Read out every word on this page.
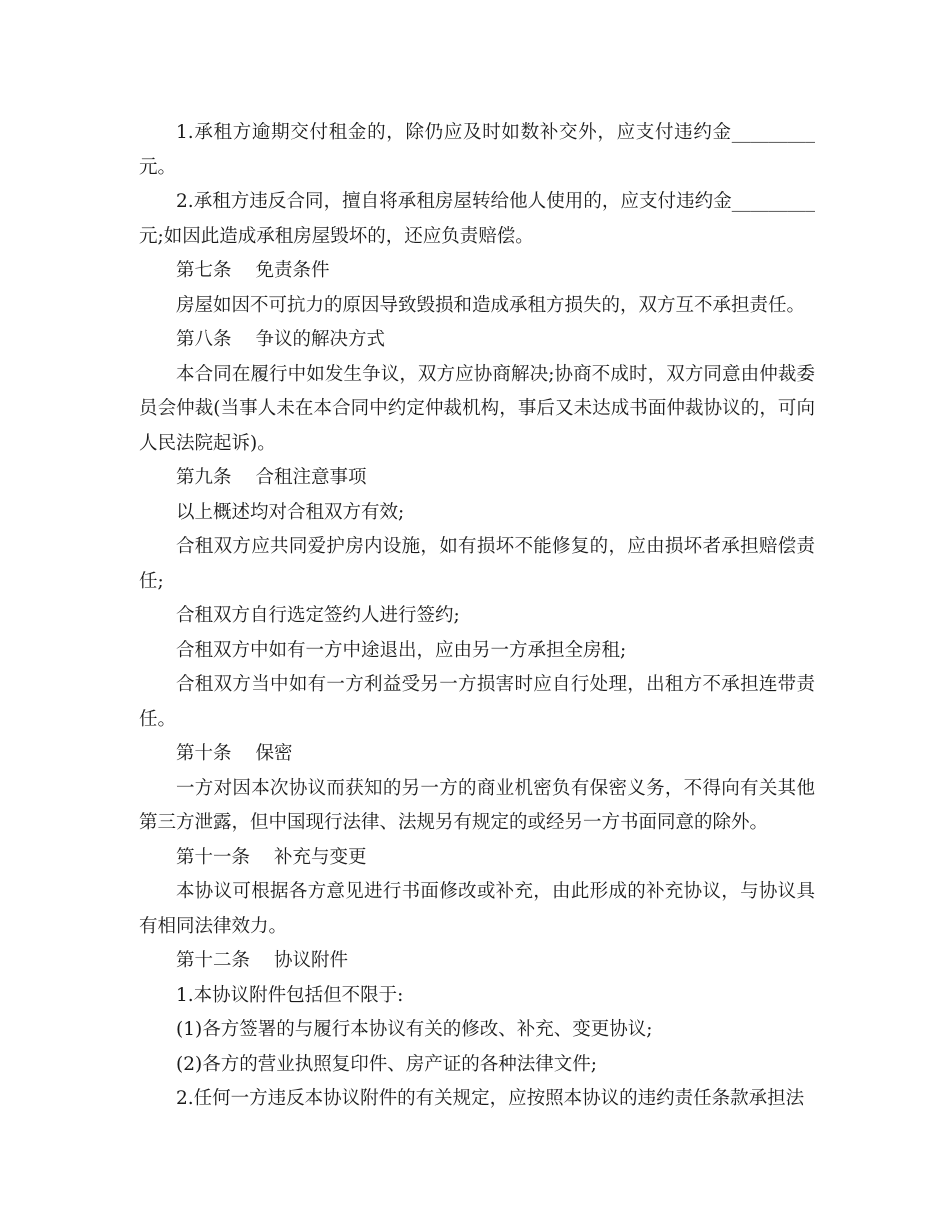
1.承租方逾期交付租金的，除仍应及时如数补交外，应支付违约金_________元。

2.承租方违反合同，擅自将承租房屋转给他人使用的，应支付违约金_________元;如因此造成承租房屋毁坏的，还应负责赔偿。

第七条 免责条件

房屋如因不可抗力的原因导致毁损和造成承租方损失的，双方互不承担责任。

第八条 争议的解决方式

本合同在履行中如发生争议，双方应协商解决;协商不成时，双方同意由仲裁委员会仲裁(当事人未在本合同中约定仲裁机构，事后又未达成书面仲裁协议的，可向人民法院起诉)。

第九条 合租注意事项

以上概述均对合租双方有效;

合租双方应共同爱护房内设施，如有损坏不能修复的，应由损坏者承担赔偿责任;

合租双方自行选定签约人进行签约;

合租双方中如有一方中途退出，应由另一方承担全房租;

合租双方当中如有一方利益受另一方损害时应自行处理，出租方不承担连带责任。

第十条 保密

一方对因本次协议而获知的另一方的商业机密负有保密义务，不得向有关其他第三方泄露，但中国现行法律、法规另有规定的或经另一方书面同意的除外。

第十一条 补充与变更

本协议可根据各方意见进行书面修改或补充，由此形成的补充协议，与协议具有相同法律效力。

第十二条 协议附件

1.本协议附件包括但不限于:

(1)各方签署的与履行本协议有关的修改、补充、变更协议;

(2)各方的营业执照复印件、房产证的各种法律文件;

2.任何一方违反本协议附件的有关规定，应按照本协议的违约责任条款承担法
